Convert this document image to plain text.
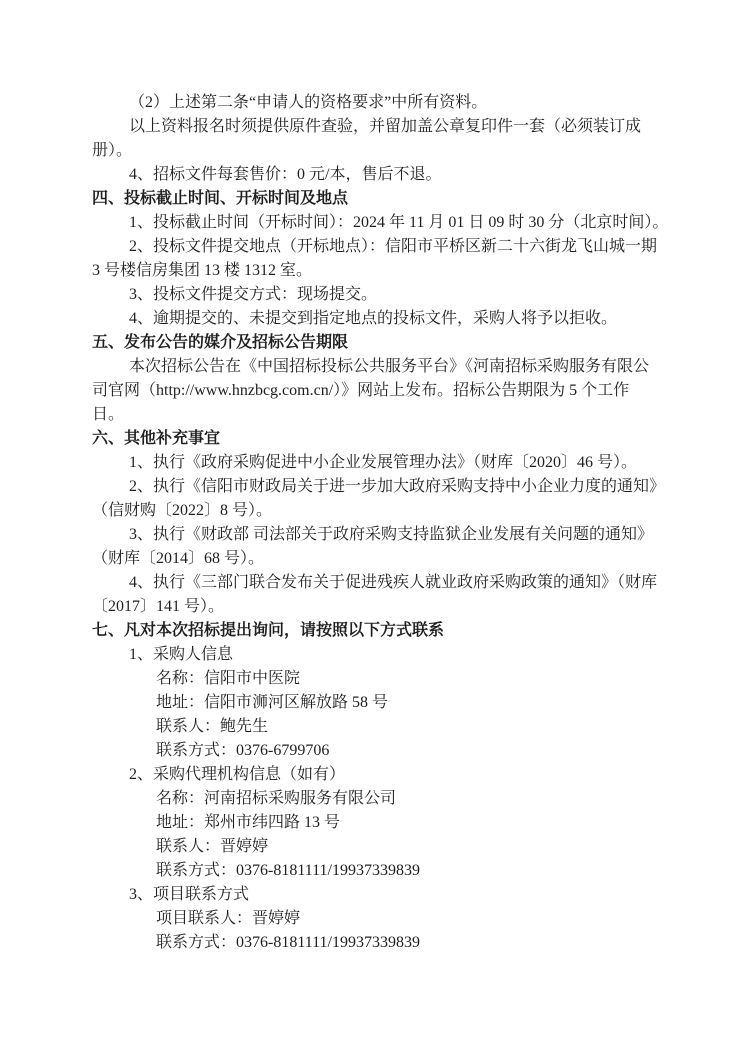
（2）上述第二条“申请人的资格要求”中所有资料。

以上资料报名时须提供原件查验，并留加盖公章复印件一套（必须装订成

册）。

4、招标文件每套售价：0 元/本，售后不退。

四、投标截止时间、开标时间及地点

1、投标截止时间（开标时间）：2024 年 11 月 01 日 09 时 30 分（北京时间）。

2、投标文件提交地点（开标地点）：信阳市平桥区新二十六街龙飞山城一期

3 号楼信房集团 13 楼 1312 室。

3、投标文件提交方式：现场提交。

4、逾期提交的、未提交到指定地点的投标文件，采购人将予以拒收。

五、发布公告的媒介及招标公告期限

本次招标公告在《中国招标投标公共服务平台》《河南招标采购服务有限公

司官网（http://www.hnzbcg.com.cn/）》网站上发布。招标公告期限为 5 个工作

日。

六、其他补充事宜

1、执行《政府采购促进中小企业发展管理办法》（财库〔2020〕46 号）。

2、执行《信阳市财政局关于进一步加大政府采购支持中小企业力度的通知》

（信财购〔2022〕8 号）。

3、执行《财政部 司法部关于政府采购支持监狱企业发展有关问题的通知》

（财库〔2014〕68 号）。

4、执行《三部门联合发布关于促进残疾人就业政府采购政策的通知》（财库

〔2017〕141 号）。

七、凡对本次招标提出询问，请按照以下方式联系

1、采购人信息

名称：信阳市中医院

地址：信阳市浉河区解放路 58 号

联系人：鲍先生

联系方式：0376-6799706

2、采购代理机构信息（如有）

名称：河南招标采购服务有限公司

地址：郑州市纬四路 13 号

联系人：晋婷婷

联系方式：0376-8181111/19937339839

3、项目联系方式

项目联系人：晋婷婷

联系方式：0376-8181111/19937339839
